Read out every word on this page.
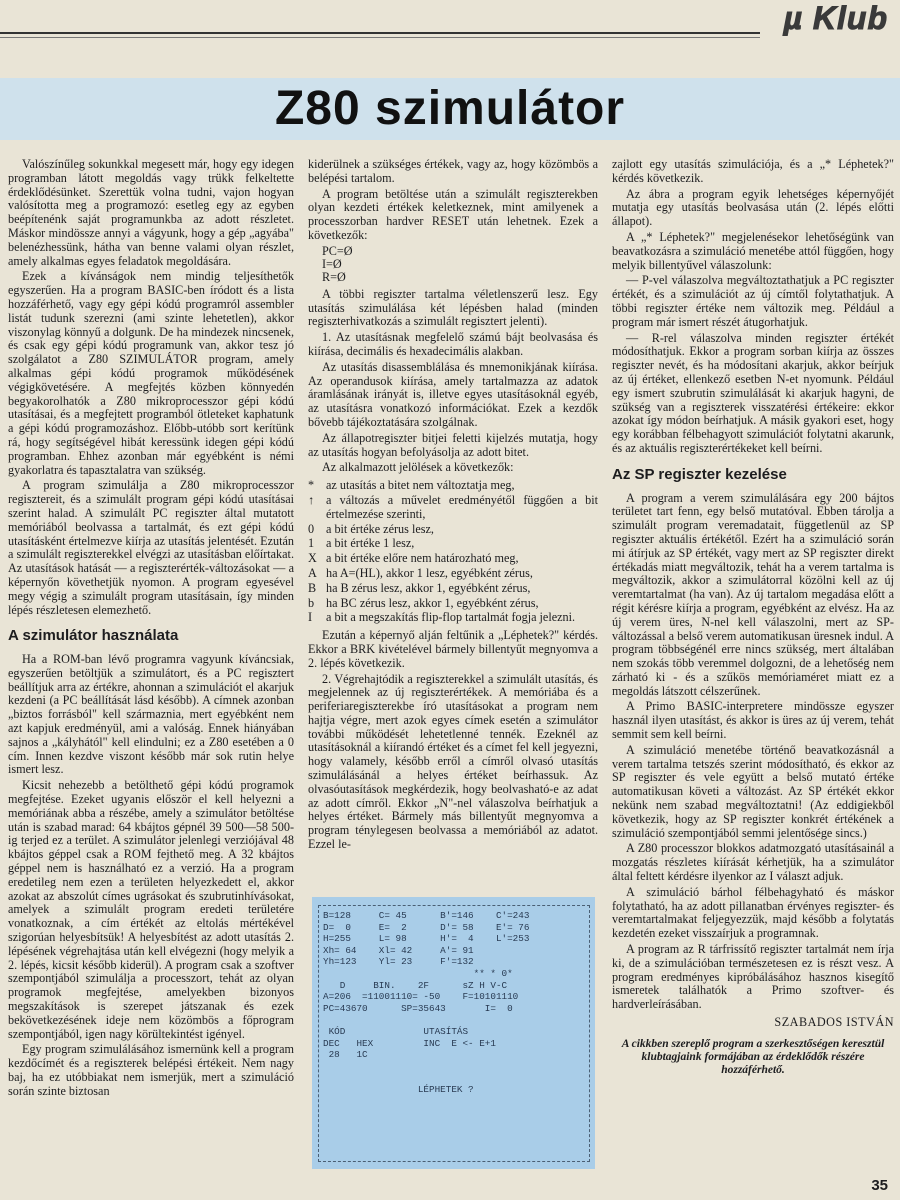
µ Klub
Z80 szimulátor

Valószínűleg sokunkkal megesett már, hogy egy idegen programban látott megoldás vagy trükk felkeltette érdeklődésünket. Szerettük volna tudni, vajon hogyan valósította meg a programozó: esetleg egy az egyben beépítenénk saját programunkba az adott részletet. Máskor mindössze annyi a vágyunk, hogy a gép „agyába" belenézhessünk, hátha van benne valami olyan részlet, amely alkalmas egyes feladatok megoldására.

Ezek a kívánságok nem mindig teljesíthetők egyszerűen. Ha a program BASIC-ben íródott és a lista hozzáférhető, vagy egy gépi kódú programról assembler listát tudunk szerezni (ami szinte lehetetlen), akkor viszonylag könnyű a dolgunk. De ha mindezek nincsenek, és csak egy gépi kódú programunk van, akkor tesz jó szolgálatot a Z80 SZIMULÁTOR program, amely alkalmas gépi kódú programok működésének végigkövetésére. A megfejtés közben könnyedén begyakorolhatók a Z80 mikroprocesszor gépi kódú utasításai, és a megfejtett programból ötleteket kaphatunk a gépi kódú programozáshoz. Előbb-utóbb sort kerítünk rá, hogy segítségével hibát keressünk idegen gépi kódú programban. Ehhez azonban már egyébként is némi gyakorlatra és tapasztalatra van szükség.

A program szimulálja a Z80 mikroprocesszor regisztereit, és a szimulált program gépi kódú utasításai szerint halad. A szimulált PC regiszter által mutatott memóriából beolvassa a tartalmát, és ezt gépi kódú utasításként értelmezve kiírja az utasítás jelentését. Ezután a szimulált regiszterekkel elvégzi az utasításban előírtakat. Az utasítások hatását — a regiszterérték-változásokat — a képernyőn követhetjük nyomon. A program egyesével megy végig a szimulált program utasításain, így minden lépés részletesen elemezhető.

A szimulátor használata

Ha a ROM-ban lévő programra vagyunk kíváncsiak, egyszerűen betöltjük a szimulátort, és a PC regisztert beállítjuk arra az értékre, ahonnan a szimulációt el akarjuk kezdeni (a PC beállítását lásd később). A címnek azonban „biztos forrásból" kell származnia, mert egyébként nem azt kapjuk eredményül, ami a valóság. Ennek hiányában sajnos a „kályhától" kell elindulni; ez a Z80 esetében a 0 cím. Innen kezdve viszont később már sok rutin helye ismert lesz.

Kicsit nehezebb a betölthető gépi kódú programok megfejtése. Ezeket ugyanis először el kell helyezni a memóriának abba a részébe, amely a szimulátor betöltése után is szabad marad: 64 kbájtos gépnél 39 500—58 500-ig terjed ez a terület. A szimulátor jelenlegi verziójával 48 kbájtos géppel csak a ROM fejthető meg. A 32 kbájtos géppel nem is használható ez a verzió. Ha a program eredetileg nem ezen a területen helyezkedett el, akkor azokat az abszolút címes ugrásokat és szubrutinhívásokat, amelyek a szimulált program eredeti területére vonatkoznak, a cím értékét az eltolás mértékével szigorúan helyesbítsük! A helyesbítést az adott utasítás 2. lépésének végrehajtása után kell elvégezni (hogy melyik a 2. lépés, kicsit később kiderül). A program csak a szoftver szempontjából szimulálja a processzort, tehát az olyan programok megfejtése, amelyekben bizonyos megszakítások is szerepet játszanak és ezek bekövetkezésének ideje nem közömbös a főprogram szempontjából, igen nagy körültekintést igényel.

Egy program szimulálásához ismernünk kell a program kezdőcímét és a regiszterek belépési értékeit. Nem nagy baj, ha ez utóbbiakat nem ismerjük, mert a szimuláció során szinte biztosan

kiderülnek a szükséges értékek, vagy az, hogy közömbös a belépési tartalom.

A program betöltése után a szimulált regiszterekben olyan kezdeti értékek keletkeznek, mint amilyenek a processzorban hardver RESET után lehetnek. Ezek a következők:

PC=Ø
I=Ø
R=Ø

A többi regiszter tartalma véletlenszerű lesz. Egy utasítás szimulálása két lépésben halad (minden regiszterhivatkozás a szimulált regisztert jelenti).

1. Az utasításnak megfelelő számú bájt beolvasása és kiírása, decimális és hexadecimális alakban.

Az utasítás disassemblálása és mnemonikjának kiírása. Az operandusok kiírása, amely tartalmazza az adatok áramlásának irányát is, illetve egyes utasításoknál egyéb, az utasításra vonatkozó információkat. Ezek a kezdők bővebb tájékoztatására szolgálnak.

Az állapotregiszter bitjei feletti kijelzés mutatja, hogy az utasítás hogyan befolyásolja az adott bitet.

Az alkalmazott jelölések a következők:

* az utasítás a bitet nem változtatja meg,
↑ a változás a művelet eredményétől függően a bit értelmezése szerinti,
0 a bit értéke zérus lesz,
1 a bit értéke 1 lesz,
X a bit értéke előre nem határozható meg,
A ha A=(HL), akkor 1 lesz, egyébként zérus,
B ha B zérus lesz, akkor 1, egyébként zérus,
b ha BC zérus lesz, akkor 1, egyébként zérus,
I	a bit a megszakítás flip-flop tartalmát fogja jelezni.

Ezután a képernyő alján feltűnik a „Léphetek?" kérdés. Ekkor a BRK kivételével bármely billentyűt megnyomva a 2. lépés következik.

2. Végrehajtódik a regiszterekkel a szimulált utasítás, és megjelennek az új regiszterértékek. A memóriába és a periferiaregiszterekbe író utasításokat a program nem hajtja végre, mert azok egyes címek esetén a szimulátor további működését lehetetlenné tennék. Ezeknél az utasításoknál a kiírandó értéket és a címet fel kell jegyezni, hogy valamely, később erről a címről olvasó utasítás szimulálásánál a helyes értéket beírhassuk. Az olvasóutasítások megkérdezik, hogy beolvasható-e az adat az adott címről. Ekkor „N"-nel válaszolva beírhatjuk a helyes értéket. Bármely más billentyűt megnyomva a program ténylegesen beolvassa a memóriából az adatot. Ezzel le-

B=128     C= 45      B'=146    C'=243
D=  0     E=  2      D'= 58    E'= 76
H=255     L= 98      H'=  4    L'=253
Xh= 64    Xl= 42     A'= 91
Yh=123    Yl= 23     F'=132
** * 0*
D     BIN.    2F      sZ H V-C
A=206  =11001110= -50    F=10101110
PC=43670      SP=35643       I=  0

KÓD              UTASÍTÁS
DEC   HEX         INC  E <- E+1
28   1C

LÉPHETEK ?

zajlott egy utasítás szimulációja, és a „* Léphetek?" kérdés következik.

Az ábra a program egyik lehetséges képernyőjét mutatja egy utasítás beolvasása után (2. lépés előtti állapot).

A „* Léphetek?" megjelenésekor lehetőségünk van beavatkozásra a szimuláció menetébe attól függően, hogy melyik billentyűvel válaszolunk:

— P-vel válaszolva megváltoztathatjuk a PC regiszter értékét, és a szimulációt az új címtől folytathatjuk. A többi regiszter értéke nem változik meg. Például a program már ismert részét átugorhatjuk.

— R-rel válaszolva minden regiszter értékét módosíthatjuk. Ekkor a program sorban kiírja az összes regiszter nevét, és ha módosítani akarjuk, akkor beírjuk az új értéket, ellenkező esetben N-et nyomunk. Például egy ismert szubrutin szimulálását ki akarjuk hagyni, de szükség van a regiszterek visszatérési értékeire: ekkor azokat így módon beírhatjuk. A másik gyakori eset, hogy egy korábban félbehagyott szimulációt folytatni akarunk, és az aktuális regiszterértékeket kell beírni.

Az SP regiszter kezelése

A program a verem szimulálására egy 200 bájtos területet tart fenn, egy belső mutatóval. Ebben tárolja a szimulált program veremadatait, függetlenül az SP regiszter aktuális értékétől. Ezért ha a szimuláció során mi átírjuk az SP értékét, vagy mert az SP regiszter direkt értékadás miatt megváltozik, tehát ha a verem tartalma is megváltozik, akkor a szimulátorral közölni kell az új veremtartalmat (ha van). Az új tartalom megadása előtt a régit kérésre kiírja a program, egyébként az elvész. Ha az új verem üres, N-nel kell válaszolni, mert az SP-változással a belső verem automatikusan üresnek indul. A program többségénél erre nincs szükség, mert általában nem szokás több veremmel dolgozni, de a lehetőség nem zárható ki - és a szűkös memóriaméret miatt ez a megoldás látszott célszerűnek.

A Primo BASIC-interpretere mindössze egyszer használ ilyen utasítást, és akkor is üres az új verem, tehát semmit sem kell beírni.

A szimuláció menetébe történő beavatkozásnál a verem tartalma tetszés szerint módosítható, és ekkor az SP regiszter és vele együtt a belső mutató értéke automatikusan követi a változást. Az SP értékét ekkor nekünk nem szabad megváltoztatni! (Az eddigiekből következik, hogy az SP regiszter konkrét értékének a szimuláció szempontjából semmi jelentősége sincs.)

A Z80 processzor blokkos adatmozgató utasításainál a mozgatás részletes kiírását kérhetjük, ha a szimulátor által feltett kérdésre ilyenkor az I választ adjuk.

A szimuláció bárhol félbehagyható és máskor folytatható, ha az adott pillanatban érvényes regiszter- és veremtartalmakat feljegyezzük, majd később a folytatás kezdetén ezeket visszaírjuk a programnak.

A program az R tárfrissítő regiszter tartalmát nem írja ki, de a szimulációban természetesen ez is részt vesz. A program eredményes kipróbálásához hasznos kisegítő ismeretek találhatók a Primo szoftver- és hardverleírásában.

SZABADOS ISTVÁN
A cikkben szereplő program a szerkesztőségen keresztül klubtagjaink formájában az érdeklődők részére hozzáférhető.
35
